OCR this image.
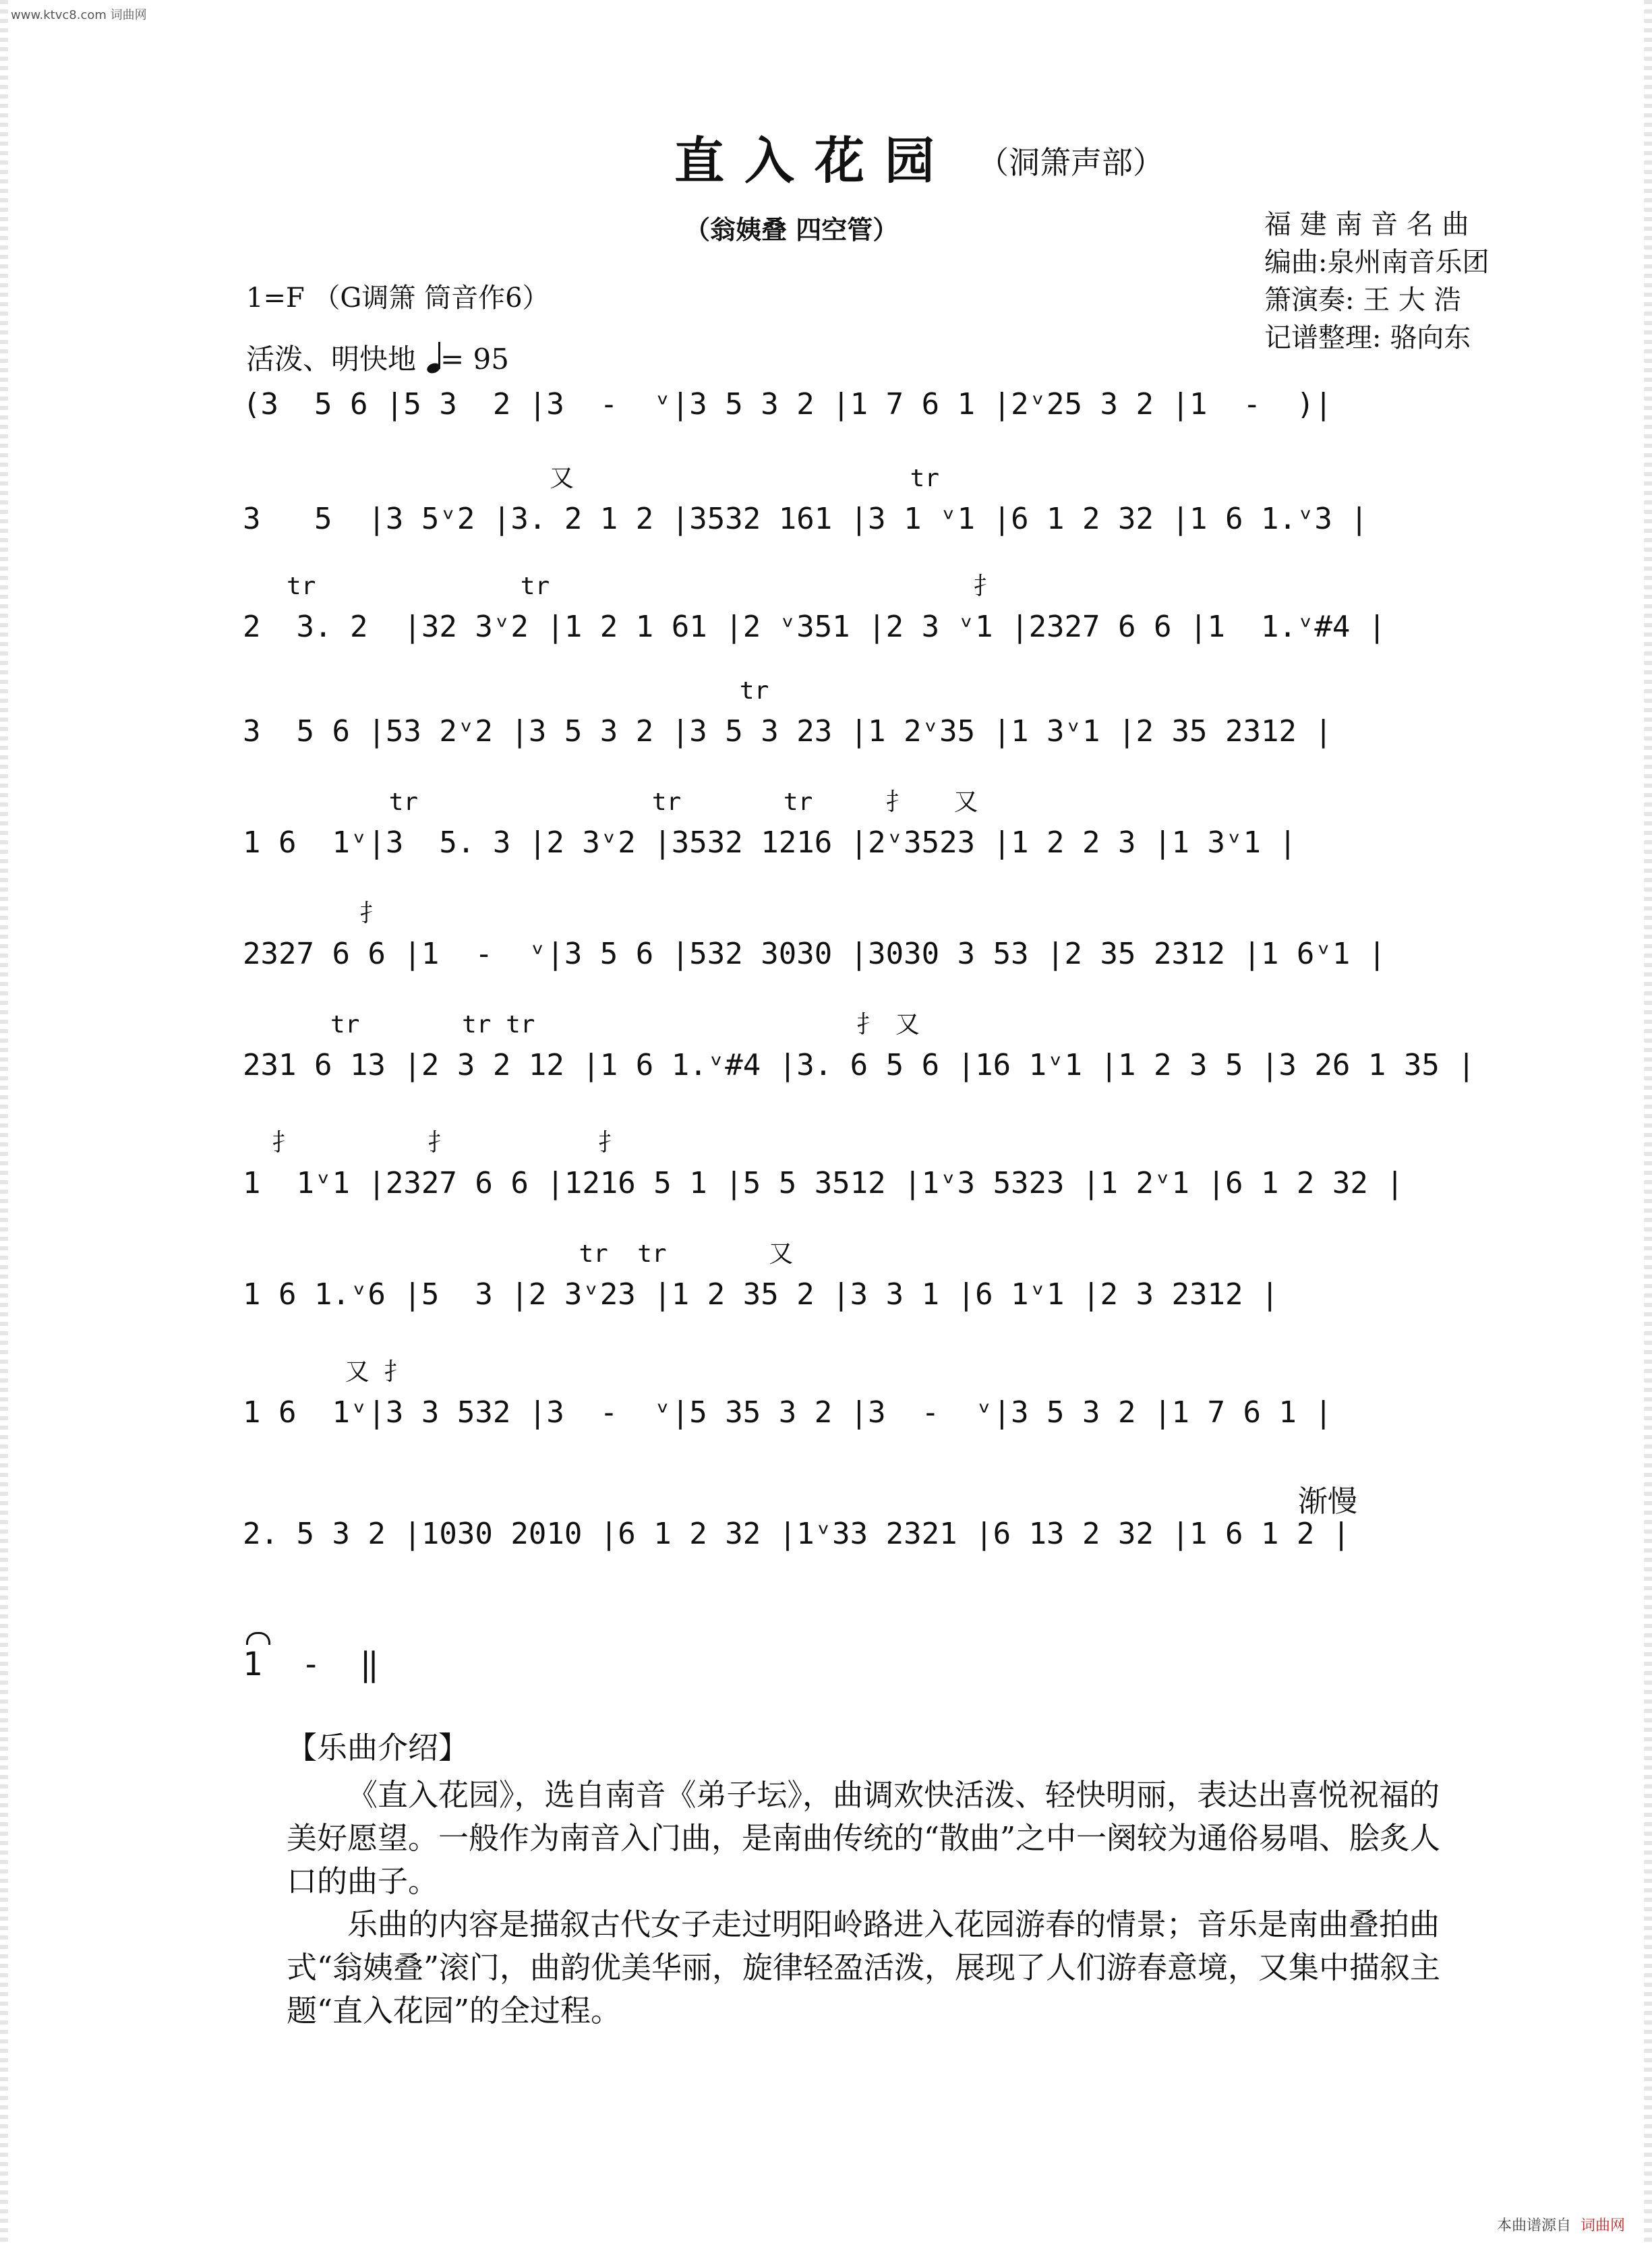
www.ktvc8.com 词曲网
直入花园 （洞箫声部）
（翁姨叠 四空管）	福 建 南 音 名 曲
编曲:泉州南音乐团
箫演奏: 王 大 浩
记谱整理: 骆向东
1=F （G调箫 筒音作6）
活泼、明快地 = 95
(3  5 6 |5 3  2 |3  -  ᵛ|3 5 3 2 |1 7 6 1 |2ᵛ25 3 2 |1  -  )|
又                       tr
3   5  |3 5ᵛ2 |3. 2 1 2 |3532 161 |3 1 ᵛ1 |6 1 2 32 |1 6 1.ᵛ3 |
tr              tr                             扌
2  3. 2  |32 3ᵛ2 |1 2 1 61 |2 ᵛ351 |2 3 ᵛ1 |2327 6 6 |1  1.ᵛ#4 |
tr
3  5 6 |53 2ᵛ2 |3 5 3 2 |3 5 3 23 |1 2ᵛ35 |1 3ᵛ1 |2 35 2312 |
tr                tr       tr     扌   又
1 6  1ᵛ|3  5. 3 |2 3ᵛ2 |3532 1216 |2ᵛ3523 |1 2 2 3 |1 3ᵛ1 |
扌
2327 6 6 |1  -  ᵛ|3 5 6 |532 3030 |3030 3 53 |2 35 2312 |1 6ᵛ1 |
tr       tr tr                      扌 又
231 6 13 |2 3 2 12 |1 6 1.ᵛ#4 |3. 6 5 6 |16 1ᵛ1 |1 2 3 5 |3 26 1 35 |
扌         扌          扌
1  1ᵛ1 |2327 6 6 |1216 5 1 |5 5 3512 |1ᵛ3 5323 |1 2ᵛ1 |6 1 2 32 |
tr  tr       又
1 6 1.ᵛ6 |5  3 |2 3ᵛ23 |1 2 35 2 |3 3 1 |6 1ᵛ1 |2 3 2312 |
又 扌
1 6  1ᵛ|3 3 532 |3  -  ᵛ|5 35 3 2 |3  -  ᵛ|3 5 3 2 |1 7 6 1 |
2. 5 3 2 |1030 2010 |6 1 2 32 |1ᵛ33 2321 |6 13 2 32 |1 6 1 2 |
渐慢
1  -  ‖
【乐曲介绍】

《直入花园》，选自南音《弟子坛》，曲调欢快活泼、轻快明丽，表达出喜悦祝福的美好愿望。一般作为南音入门曲，是南曲传统的“散曲”之中一阕较为通俗易唱、脍炙人口的曲子。

乐曲的内容是描叙古代女子走过明阳岭路进入花园游春的情景；音乐是南曲叠拍曲式“翁姨叠”滚门，曲韵优美华丽，旋律轻盈活泼，展现了人们游春意境，又集中描叙主题“直入花园”的全过程。

本曲谱源自 词曲网
